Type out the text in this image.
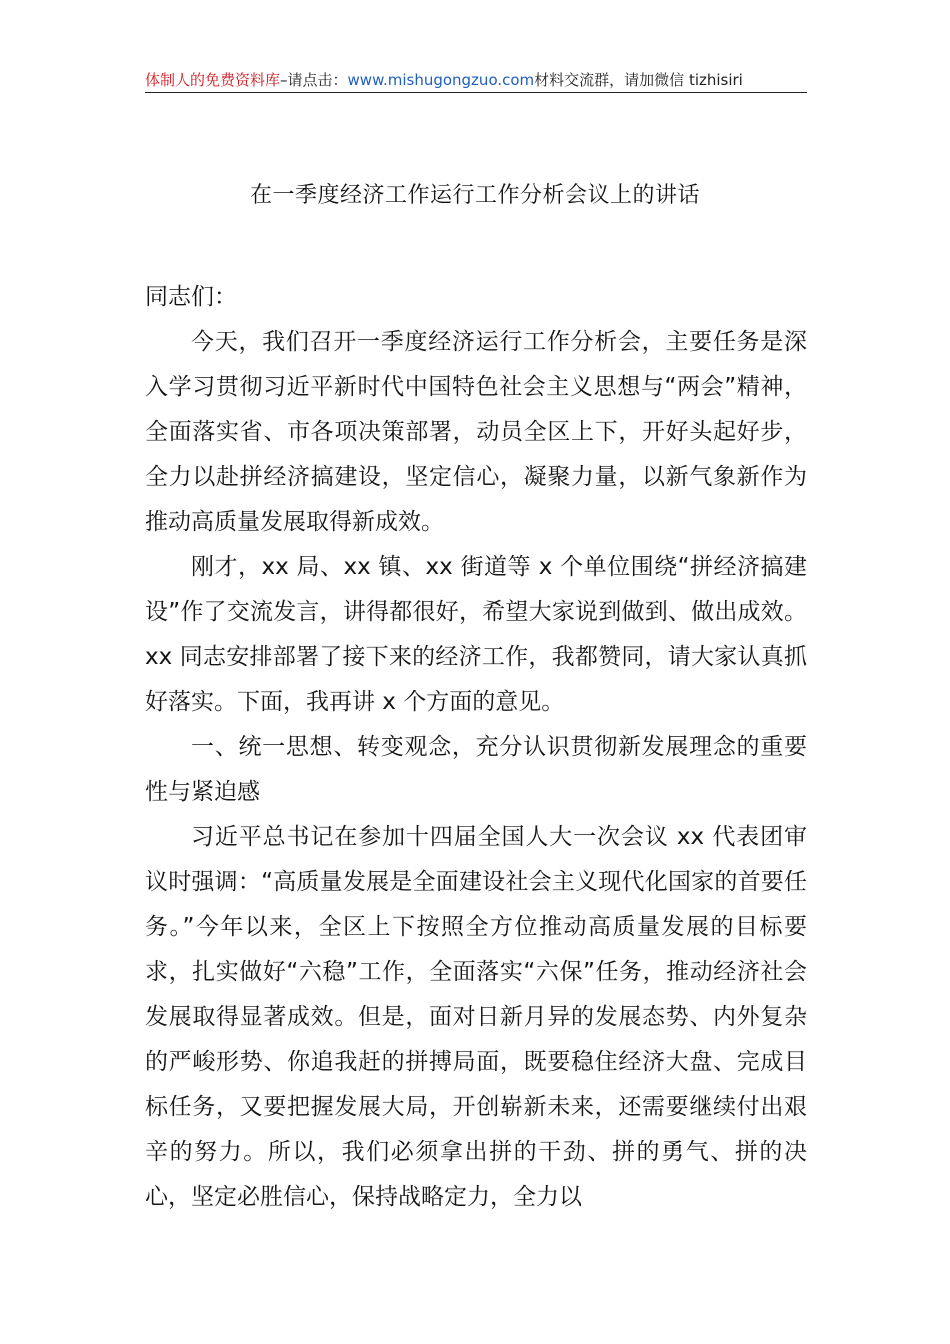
体制人的免费资料库–请点击：www.mishugongzuo.com材料交流群，请加微信 tizhisiri
在一季度经济工作运行工作分析会议上的讲话

同志们：

今天，我们召开一季度经济运行工作分析会，主要任务是深入学习贯彻习近平新时代中国特色社会主义思想与“两会”精神，全面落实省、市各项决策部署，动员全区上下，开好头起好步，全力以赴拼经济搞建设，坚定信心，凝聚力量，以新气象新作为推动高质量发展取得新成效。

刚才，xx 局、xx 镇、xx 街道等 x 个单位围绕“拼经济搞建设”作了交流发言，讲得都很好，希望大家说到做到、做出成效。xx 同志安排部署了接下来的经济工作，我都赞同，请大家认真抓好落实。下面，我再讲 x 个方面的意见。

一、统一思想、转变观念，充分认识贯彻新发展理念的重要性与紧迫感

习近平总书记在参加十四届全国人大一次会议 xx 代表团审议时强调：“高质量发展是全面建设社会主义现代化国家的首要任务。”今年以来，全区上下按照全方位推动高质量发展的目标要求，扎实做好“六稳”工作，全面落实“六保”任务，推动经济社会发展取得显著成效。但是，面对日新月异的发展态势、内外复杂的严峻形势、你追我赶的拼搏局面，既要稳住经济大盘、完成目标任务，又要把握发展大局，开创崭新未来，还需要继续付出艰辛的努力。所以，我们必须拿出拼的干劲、拼的勇气、拼的决心，坚定必胜信心，保持战略定力，全力以
